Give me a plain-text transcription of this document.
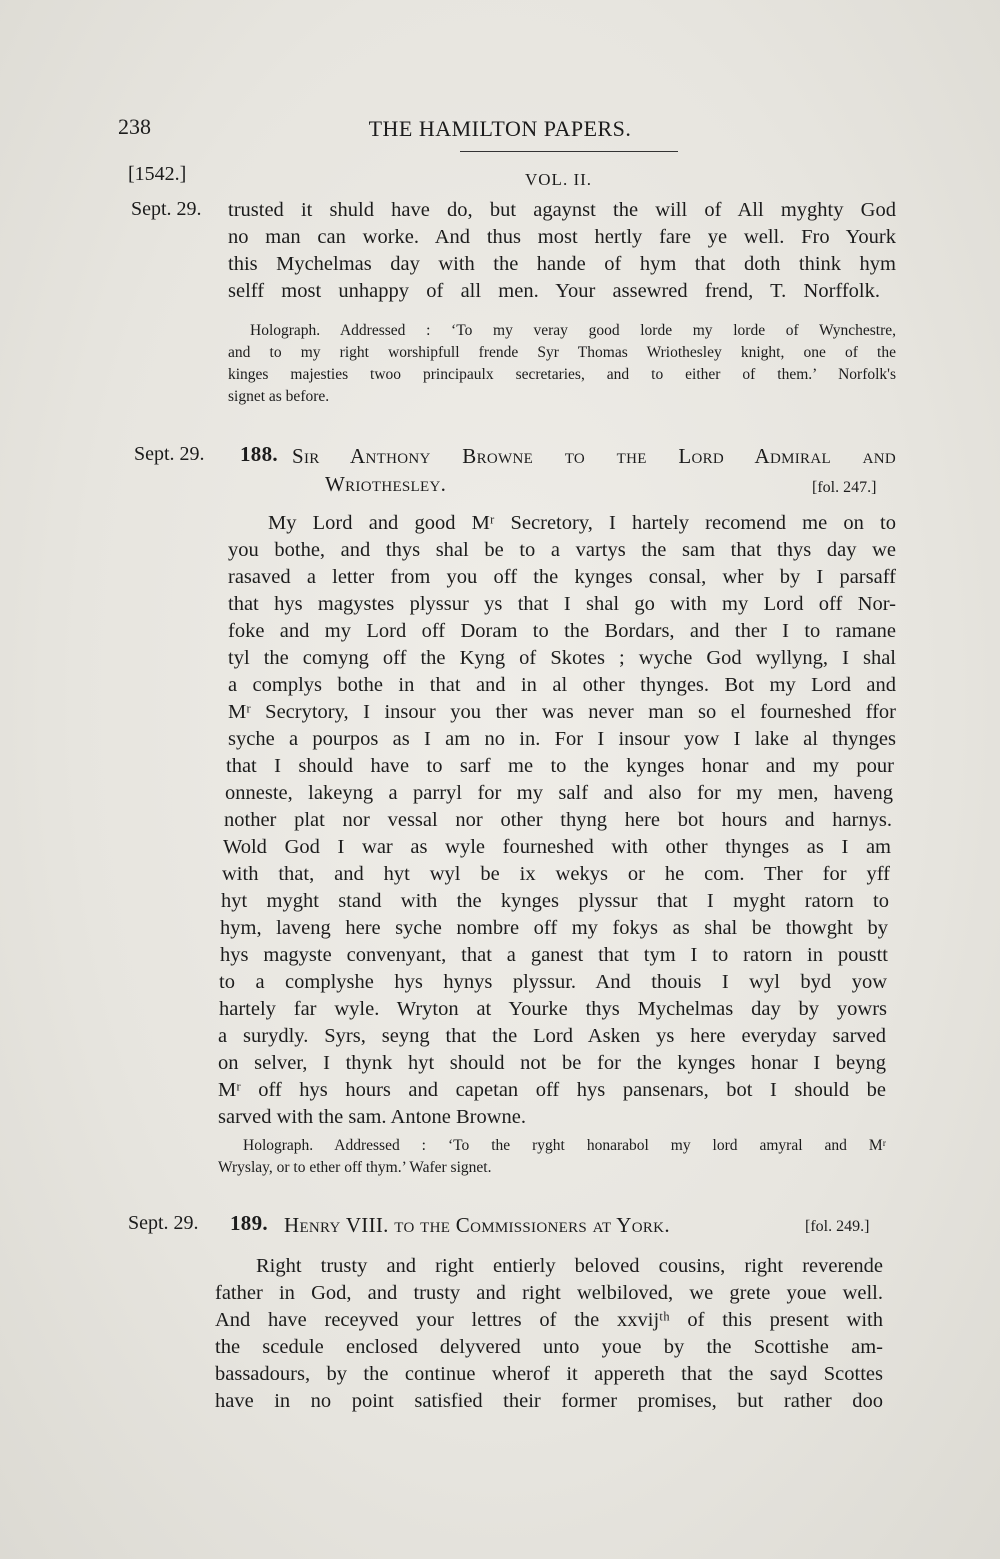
238	THE HAMILTON PAPERS.
[1542.]	VOL. II.
Sept. 29. trusted it shuld have do, but agaynst the will of All myghty God
no man can worke. And thus most hertly fare ye well. Fro Yourk
this Mychelmas day with the hande of hym that doth think hym
selff most unhappy of all men. Your assewred frend, T. Norffolk.
Holograph. Addressed : ‘To my veray good lorde my lorde of Wynchestre,
and to my right worshipfull frende Syr Thomas Wriothesley knight, one of the
kinges majesties twoo principaulx secretaries, and to either of them.’ Norfolk's
signet as before.
Sept. 29. 188. Sir Anthony Browne to the Lord Admiral and
Wriothesley.	[fol. 247.]
My Lord and good Mʳ Secretory, I hartely recomend me on to
you bothe, and thys shal be to a vartys the sam that thys day we
rasaved a letter from you off the kynges consal, wher by I parsaff
that hys magystes plyssur ys that I shal go with my Lord off Nor-
foke and my Lord off Doram to the Bordars, and ther I to ramane
tyl the comyng off the Kyng of Skotes ; wyche God wyllyng, I shal
a complys bothe in that and in al other thynges. Bot my Lord and
Mʳ Secrytory, I insour you ther was never man so el fourneshed ffor
syche a pourpos as I am no in. For I insour yow I lake al thynges
that I should have to sarf me to the kynges honar and my pour
onneste, lakeyng a parryl for my salf and also for my men, haveng
nother plat nor vessal nor other thyng here bot hours and harnys.
Wold God I war as wyle fourneshed with other thynges as I am
with that, and hyt wyl be ix wekys or he com. Ther for yff
hyt myght stand with the kynges plyssur that I myght ratorn to
hym, laveng here syche nombre off my fokys as shal be thowght by
hys magyste convenyant, that a ganest that tym I to ratorn in poustt
to a complyshe hys hynys plyssur. And thouis I wyl byd yow
hartely far wyle. Wryton at Yourke thys Mychelmas day by yowrs
a surydly. Syrs, seyng that the Lord Asken ys here everyday sarved
on selver, I thynk hyt should not be for the kynges honar I beyng
Mʳ off hys hours and capetan off hys pansenars, bot I should be
sarved with the sam. Antone Browne.
Holograph. Addressed : ‘To the ryght honarabol my lord amyral and Mʳ
Wryslay, or to ether off thym.’ Wafer signet.
Sept. 29. 189. Henry VIII. to the Commissioners at York.	[fol. 249.]
Right trusty and right entierly beloved cousins, right reverende
father in God, and trusty and right welbiloved, we grete youe well.
And have receyved your lettres of the xxvijᵗʰ of this present with
the scedule enclosed delyvered unto youe by the Scottishe am-
bassadours, by the continue wherof it appereth that the sayd Scottes
have in no point satisfied their former promises, but rather doo
